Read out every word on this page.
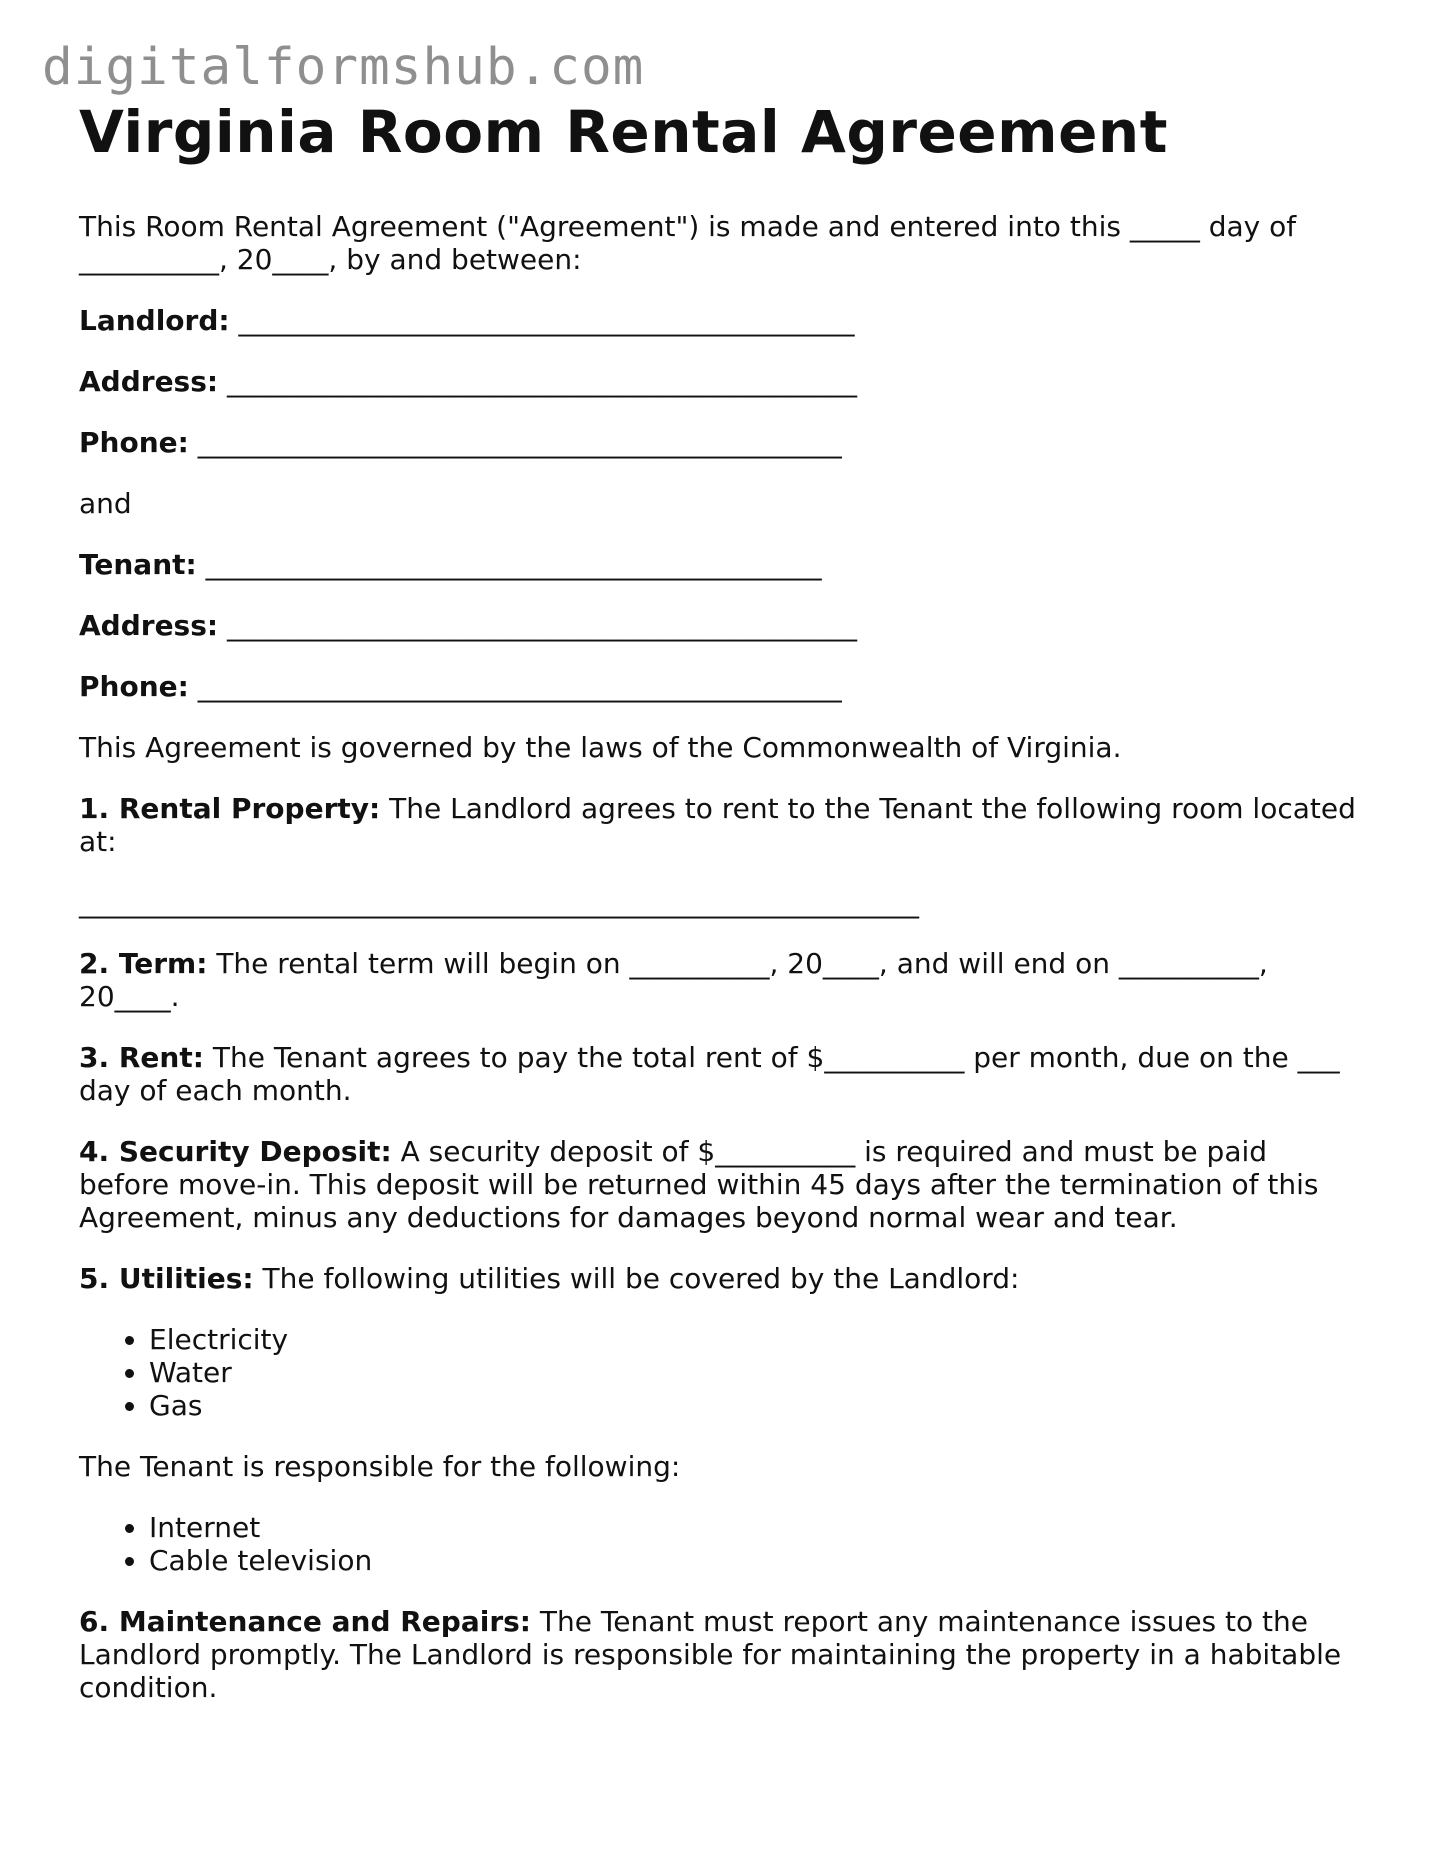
digitalformshub.com
Virginia Room Rental Agreement

This Room Rental Agreement ("Agreement") is made and entered into this _____ day of __________, 20____, by and between:

Landlord: ____________________________________________
Address: _____________________________________________
Phone: ______________________________________________

and

Tenant: ____________________________________________
Address: _____________________________________________
Phone: ______________________________________________

This Agreement is governed by the laws of the Commonwealth of Virginia.

1. Rental Property: The Landlord agrees to rent to the Tenant the following room located at:

____________________________________________________________

2. Term: The rental term will begin on __________, 20____, and will end on __________, 20____.

3. Rent: The Tenant agrees to pay the total rent of $__________ per month, due on the ___ day of each month.

4. Security Deposit: A security deposit of $__________ is required and must be paid before move-in. This deposit will be returned within 45 days after the termination of this Agreement, minus any deductions for damages beyond normal wear and tear.

5. Utilities: The following utilities will be covered by the Landlord:

• Electricity
• Water
• Gas

The Tenant is responsible for the following:

• Internet
• Cable television

6. Maintenance and Repairs: The Tenant must report any maintenance issues to the Landlord promptly. The Landlord is responsible for maintaining the property in a habitable condition.
